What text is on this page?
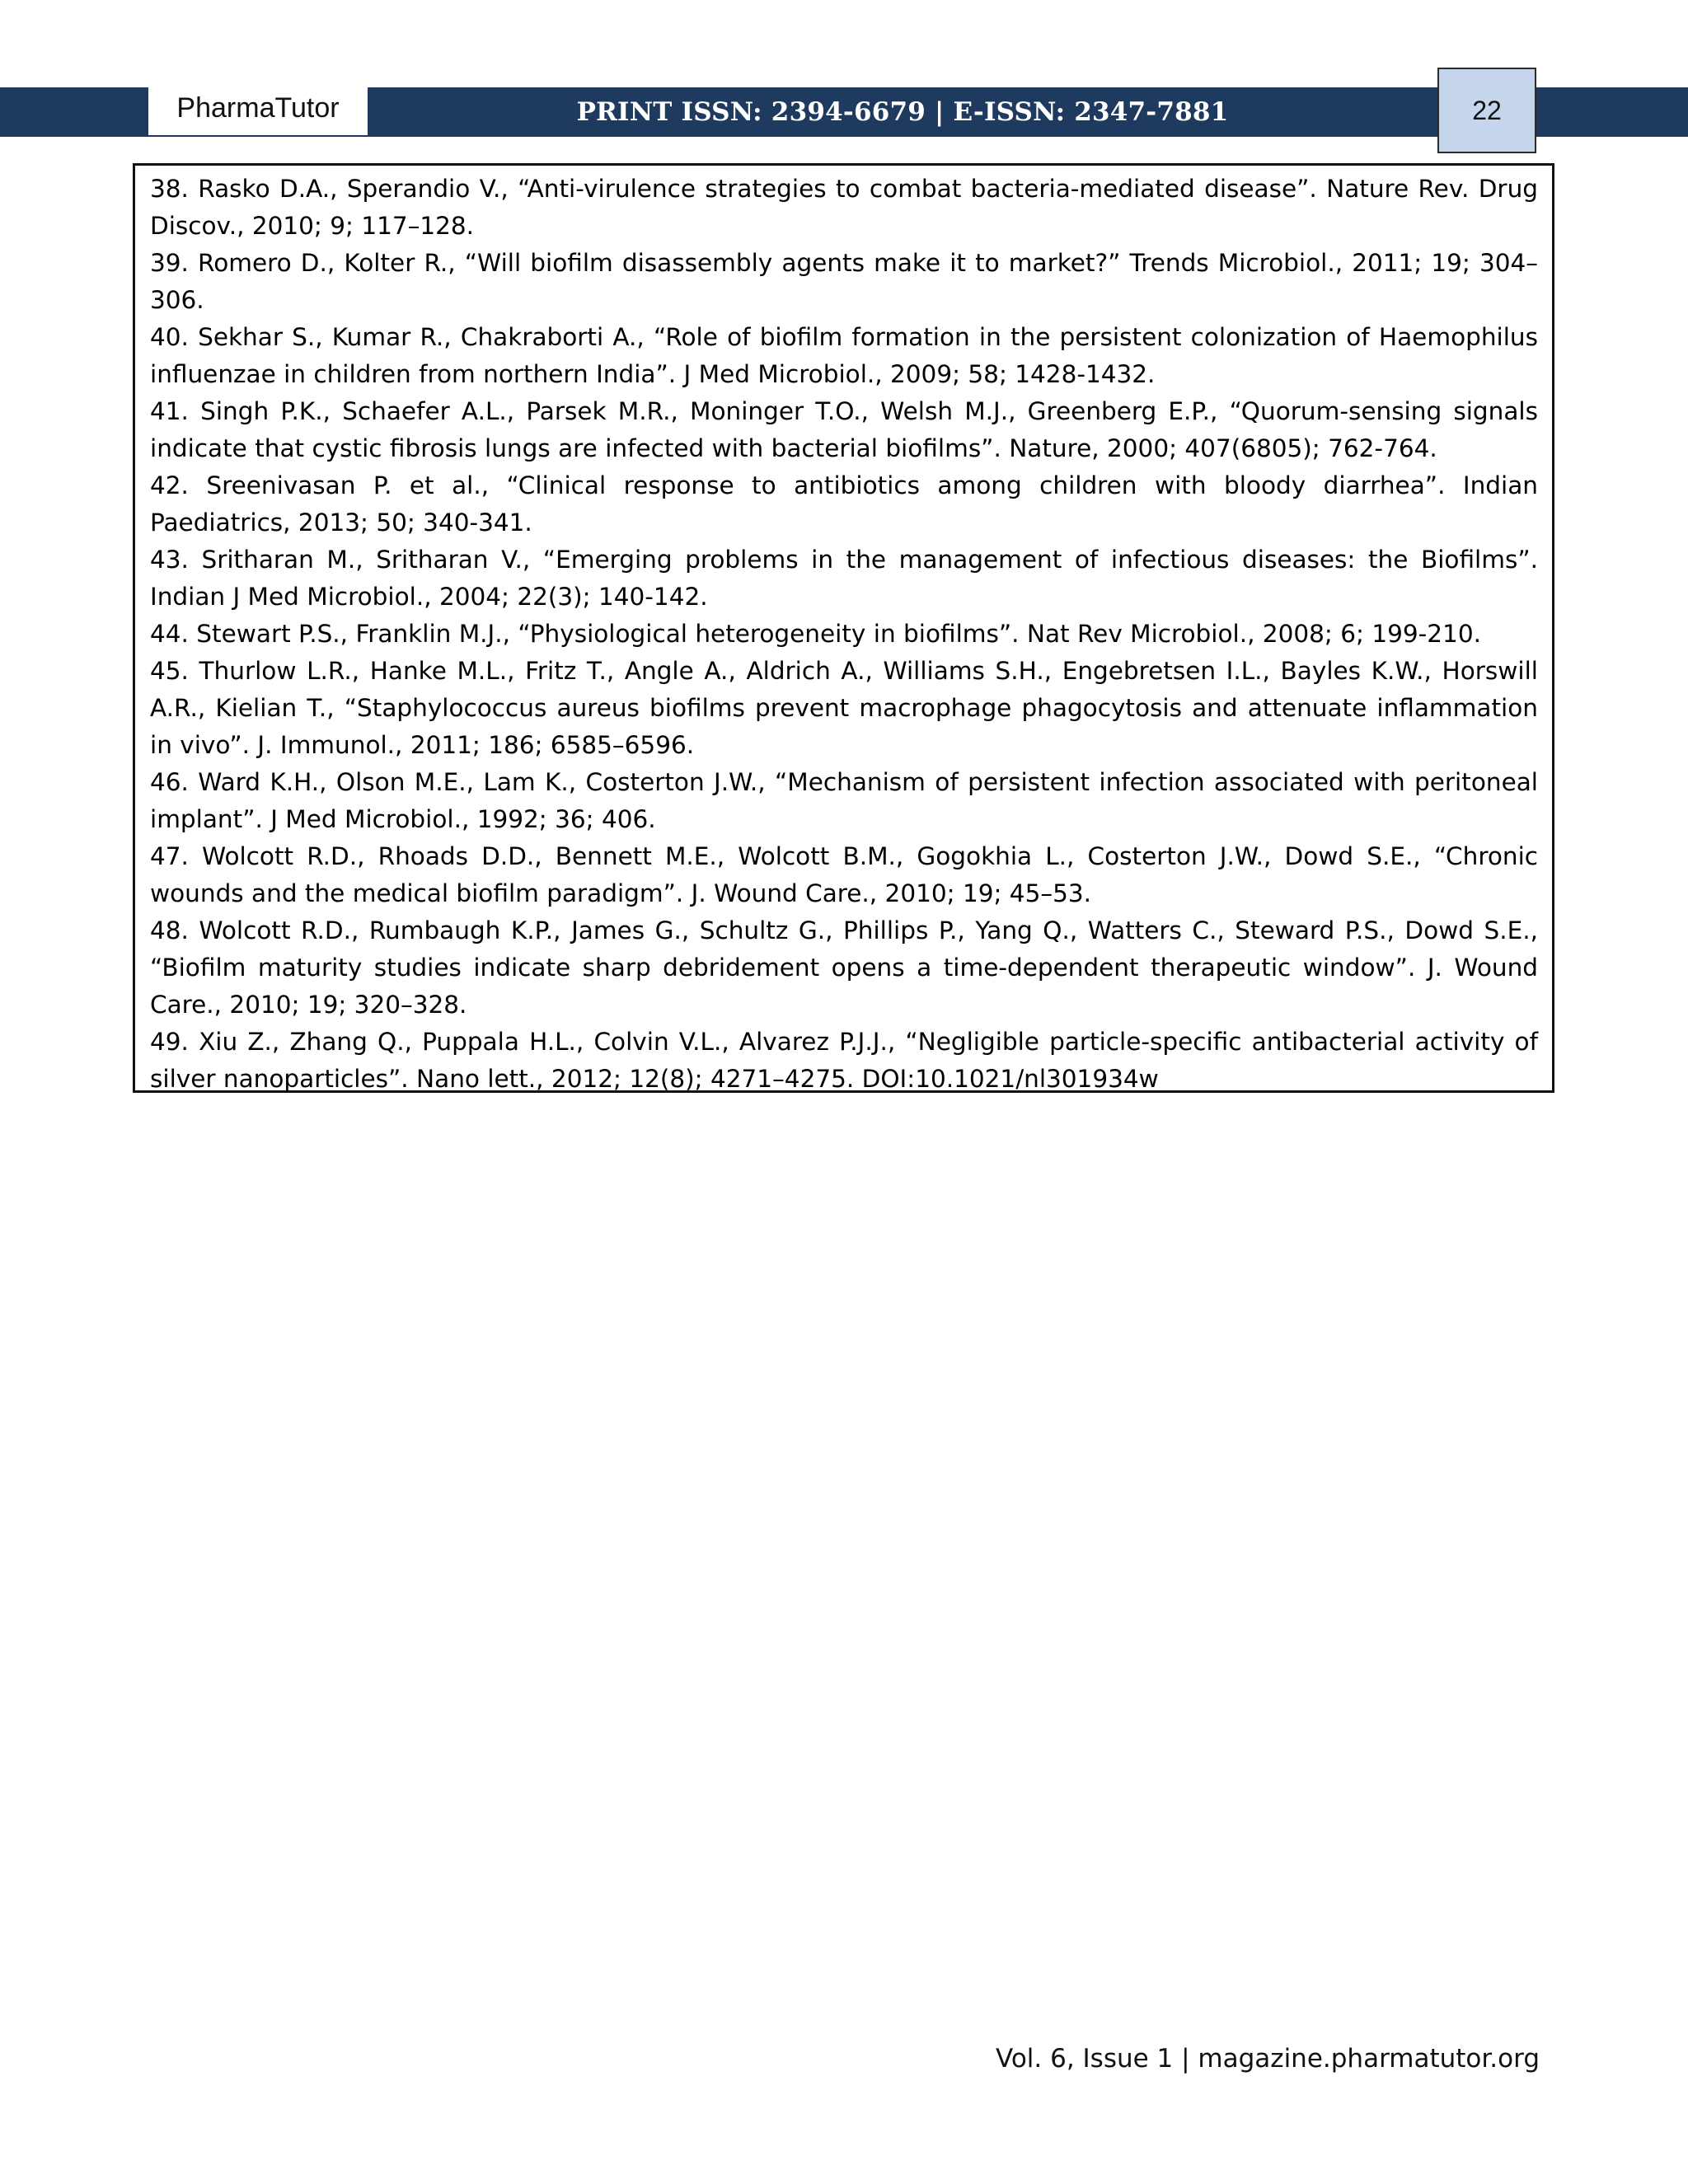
PharmaTutor	PRINT ISSN: 2394-6679 | E-ISSN: 2347-7881	22

38. Rasko D.A., Sperandio V., “Anti-virulence strategies to combat bacteria-mediated disease”. Nature Rev. Drug Discov., 2010; 9; 117–128.

39. Romero D., Kolter R., “Will biofilm disassembly agents make it to market?” Trends Microbiol., 2011; 19; 304–306.

40. Sekhar S., Kumar R., Chakraborti A., “Role of biofilm formation in the persistent colonization of Haemophilus influenzae in children from northern India”. J Med Microbiol., 2009; 58; 1428-1432.

41. Singh P.K., Schaefer A.L., Parsek M.R., Moninger T.O., Welsh M.J., Greenberg E.P., “Quorum-sensing signals indicate that cystic fibrosis lungs are infected with bacterial biofilms”. Nature, 2000; 407(6805); 762-764.

42. Sreenivasan P. et al., “Clinical response to antibiotics among children with bloody diarrhea”. Indian Paediatrics, 2013; 50; 340-341.

43. Sritharan M., Sritharan V., “Emerging problems in the management of infectious diseases: the Biofilms”. Indian J Med Microbiol., 2004; 22(3); 140-142.

44. Stewart P.S., Franklin M.J., “Physiological heterogeneity in biofilms”. Nat Rev Microbiol., 2008; 6; 199-210.

45. Thurlow L.R., Hanke M.L., Fritz T., Angle A., Aldrich A., Williams S.H., Engebretsen I.L., Bayles K.W., Horswill A.R., Kielian T., “Staphylococcus aureus biofilms prevent macrophage phagocytosis and attenuate inflammation in vivo”. J. Immunol., 2011; 186; 6585–6596.

46. Ward K.H., Olson M.E., Lam K., Costerton J.W., “Mechanism of persistent infection associated with peritoneal implant”. J Med Microbiol., 1992; 36; 406.

47. Wolcott R.D., Rhoads D.D., Bennett M.E., Wolcott B.M., Gogokhia L., Costerton J.W., Dowd S.E., “Chronic wounds and the medical biofilm paradigm”. J. Wound Care., 2010; 19; 45–53.

48. Wolcott R.D., Rumbaugh K.P., James G., Schultz G., Phillips P., Yang Q., Watters C., Steward P.S., Dowd S.E., “Biofilm maturity studies indicate sharp debridement opens a time-dependent therapeutic window”. J. Wound Care., 2010; 19; 320–328.

49. Xiu Z., Zhang Q., Puppala H.L., Colvin V.L., Alvarez P.J.J., “Negligible particle-specific antibacterial activity of silver nanoparticles”. Nano lett., 2012; 12(8); 4271–4275. DOI:10.1021/nl301934w

Vol. 6, Issue 1 | magazine.pharmatutor.org
